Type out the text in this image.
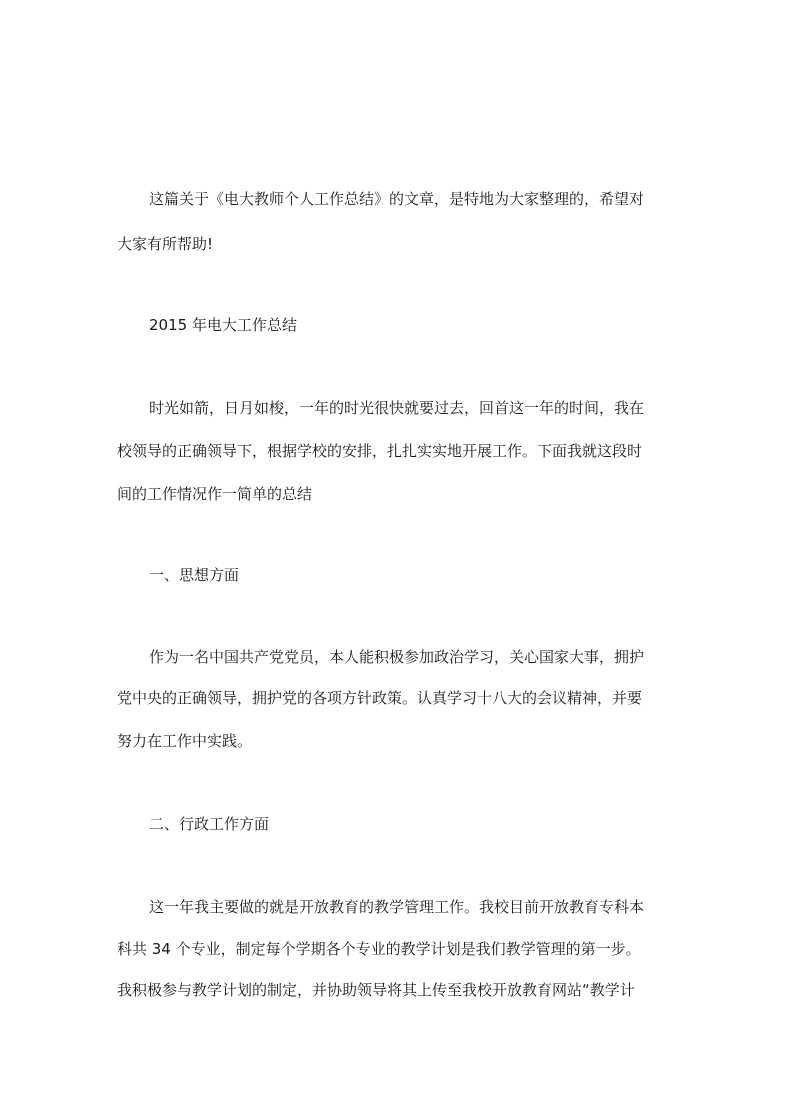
这篇关于《电大教师个人工作总结》的文章，是特地为大家整理的，希望对
大家有所帮助!
2015 年电大工作总结
时光如箭，日月如梭，一年的时光很快就要过去，回首这一年的时间，我在
校领导的正确领导下，根据学校的安排，扎扎实实地开展工作。下面我就这段时
间的工作情况作一简单的总结
一、思想方面
作为一名中国共产党党员，本人能积极参加政治学习，关心国家大事，拥护
党中央的正确领导，拥护党的各项方针政策。认真学习十八大的会议精神，并要
努力在工作中实践。
二、行政工作方面
这一年我主要做的就是开放教育的教学管理工作。我校目前开放教育专科本
科共 34 个专业，制定每个学期各个专业的教学计划是我们教学管理的第一步。
我积极参与教学计划的制定，并协助领导将其上传至我校开放教育网站“教学计
